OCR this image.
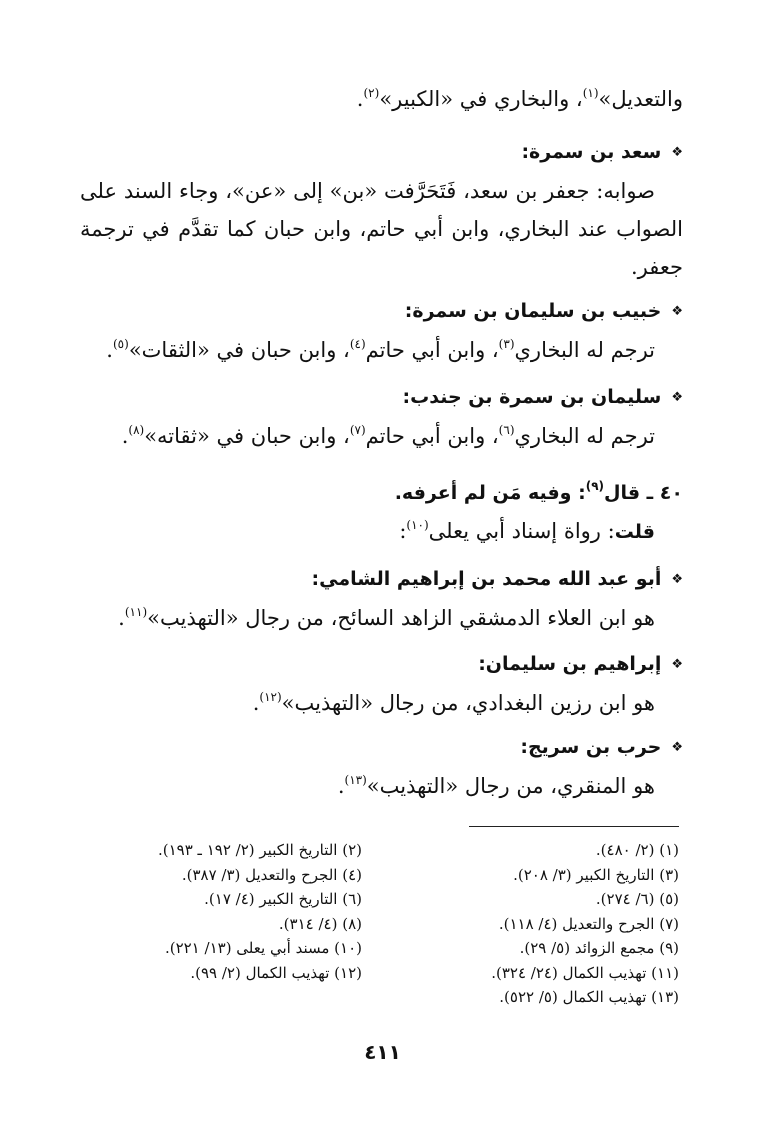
والتعديل»$^{(١)}$، والبخاري في «الكبير»$^{(٢)}$.
❖سعد بن سمرة:
صوابه: جعفر بن سعد، فَتَحَرَّفت «بن» إلى «عن»، وجاء السند على الصواب عند البخاري، وابن أبي حاتم، وابن حبان كما تقدَّم في ترجمة جعفر.
❖خبيب بن سليمان بن سمرة:
ترجم له البخاري$^{(٣)}$، وابن أبي حاتم$^{(٤)}$، وابن حبان في «الثقات»$^{(٥)}$.
❖سليمان بن سمرة بن جندب:
ترجم له البخاري$^{(٦)}$، وابن أبي حاتم$^{(٧)}$، وابن حبان في «ثقاته»$^{(٨)}$.
٤٠ ـ قال$^{(٩)}$: وفيه مَن لم أعرفه.
قلت: رواة إسناد أبي يعلى$^{(١٠)}$:
❖أبو عبد الله محمد بن إبراهيم الشامي:
هو ابن العلاء الدمشقي الزاهد السائح، من رجال «التهذيب»$^{(١١)}$.
❖إبراهيم بن سليمان:
هو ابن رزين البغدادي، من رجال «التهذيب»$^{(١٢)}$.
❖حرب بن سريج:
هو المنقري، من رجال «التهذيب»$^{(١٣)}$.
(١) (٢/ ٤٨٠).
(٣) التاريخ الكبير (٣/ ٢٠٨).
(٥) (٦/ ٢٧٤).
(٧) الجرح والتعديل (٤/ ١١٨).
(٩) مجمع الزوائد (٥/ ٢٩).
(١١) تهذيب الكمال (٢٤/ ٣٢٤).
(١٣) تهذيب الكمال (٥/ ٥٢٢).
(٢) التاريخ الكبير (٢/ ١٩٢ ـ ١٩٣).
(٤) الجرح والتعديل (٣/ ٣٨٧).
(٦) التاريخ الكبير (٤/ ١٧).
(٨) (٤/ ٣١٤).
(١٠) مسند أبي يعلى (١٣/ ٢٢١).
(١٢) تهذيب الكمال (٢/ ٩٩).
٤١١
